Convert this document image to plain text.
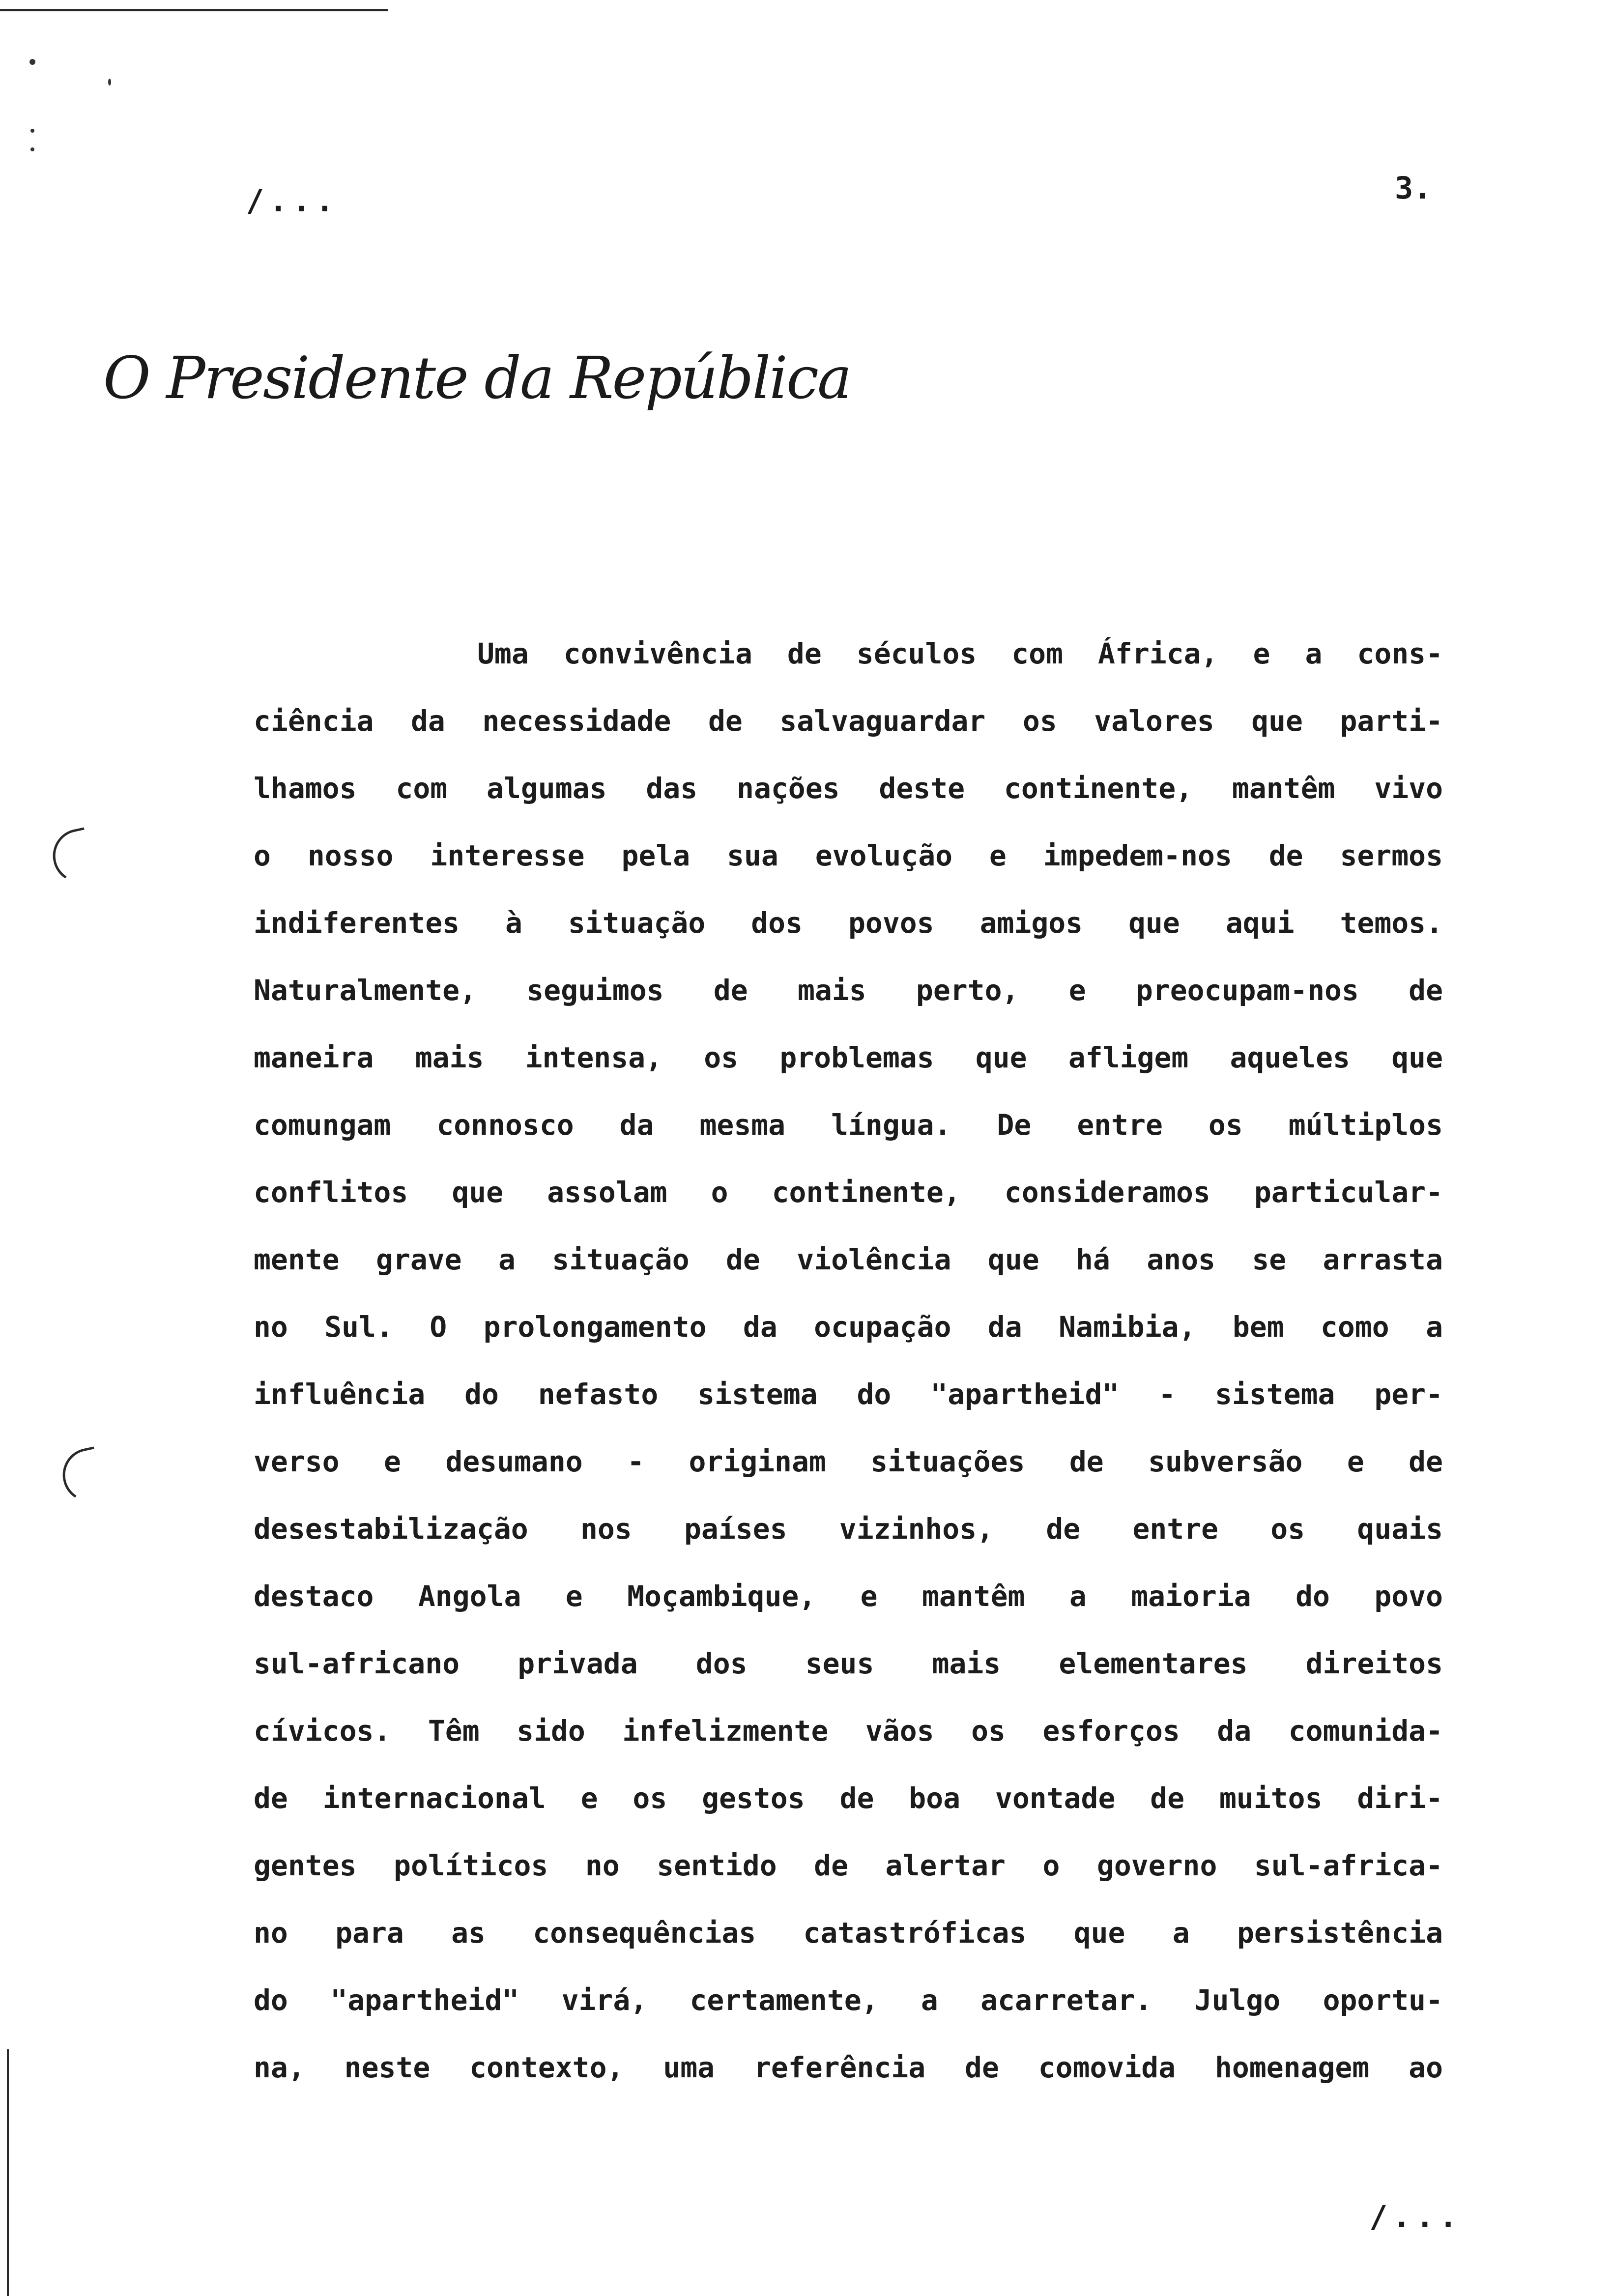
/...	3.
O Presidente da República
Uma convivência de séculos com África, e a cons-
ciência da necessidade de salvaguardar os valores que parti-
lhamos com algumas das nações deste continente, mantêm vivo
o nosso interesse pela sua evolução e impedem-nos de sermos
indiferentes à situação dos povos amigos que aqui temos.
Naturalmente, seguimos de mais perto, e preocupam-nos de
maneira mais intensa, os problemas que afligem aqueles que
comungam connosco da mesma língua. De entre os múltiplos
conflitos que assolam o continente, consideramos particular-
mente grave a situação de violência que há anos se arrasta
no Sul. O prolongamento da ocupação da Namibia, bem como a
influência do nefasto sistema do "apartheid" - sistema per-
verso e desumano - originam situações de subversão e de
desestabilização nos países vizinhos, de entre os quais
destaco Angola e Moçambique, e mantêm a maioria do povo
sul-africano privada dos seus mais elementares direitos
cívicos. Têm sido infelizmente vãos os esforços da comunida-
de internacional e os gestos de boa vontade de muitos diri-
gentes políticos no sentido de alertar o governo sul-africa-
no para as consequências catastróficas que a persistência
do "apartheid" virá, certamente, a acarretar. Julgo oportu-
na, neste contexto, uma referência de comovida homenagem ao
/...
